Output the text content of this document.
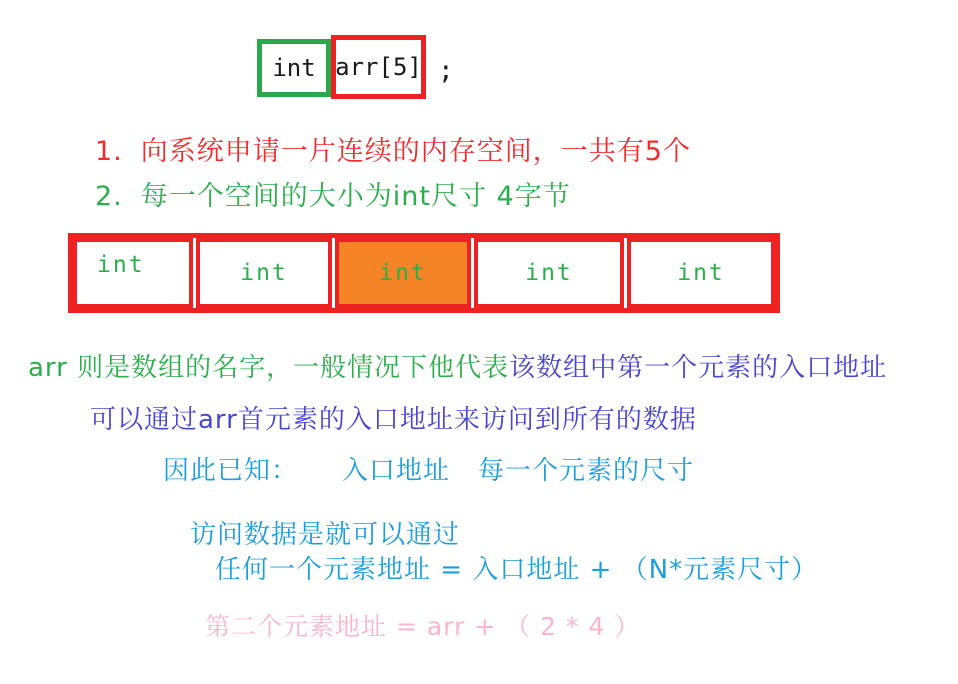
int arr[5] ;
1. 向系统申请一片连续的内存空间，一共有5个
2. 每一个空间的大小为int尺寸 4字节
int	int	int	int	int
arr 则是数组的名字，一般情况下他代表该数组中第一个元素的入口地址
可以通过arr首元素的入口地址来访问到所有的数据
因此已知： 入口地址 每一个元素的尺寸
访问数据是就可以通过
任何一个元素地址 = 入口地址 + （N*元素尺寸）
第二个元素地址 = arr + （ 2 * 4 ）
